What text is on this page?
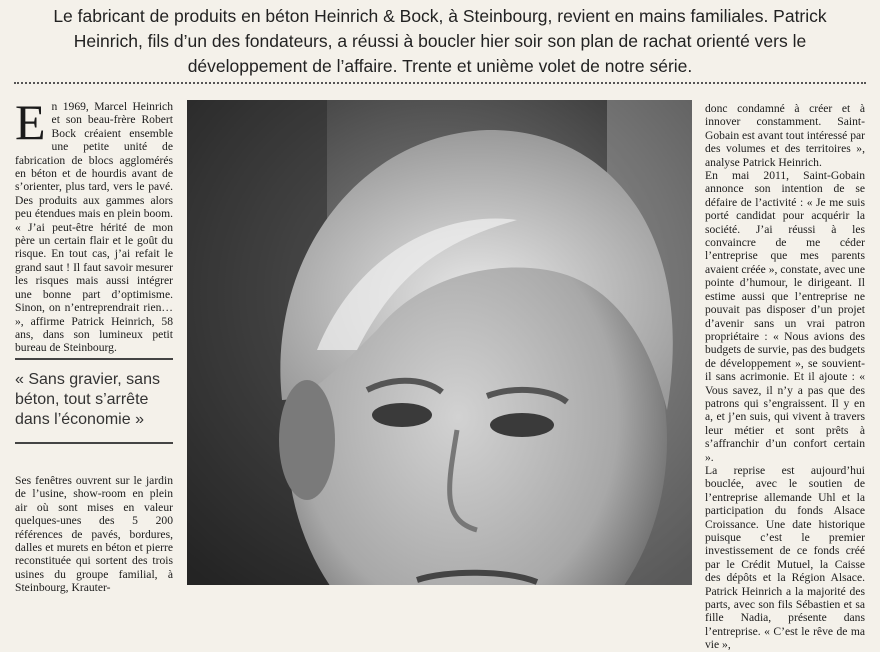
Le fabricant de produits en béton Heinrich & Bock, à Steinbourg, revient en mains familiales. Patrick Heinrich, fils d’un des fondateurs, a réussi à boucler hier soir son plan de rachat orienté vers le développement de l’affaire. Trente et unième volet de notre série.
E n 1969, Marcel Heinrich et son beau-frère Robert Bock créaient ensemble une petite unité de fabrication de blocs agglomérés en béton et de hourdis avant de s’orienter, plus tard, vers le pavé. Des produits aux gammes alors peu étendues mais en plein boom. « J’ai peut-être hérité de mon père un certain flair et le goût du risque. En tout cas, j’ai refait le grand saut ! Il faut savoir mesurer les risques mais aussi intégrer une bonne part d’optimisme. Sinon, on n’entreprendrait rien… », affirme Patrick Heinrich, 58 ans, dans son lumineux petit bureau de Steinbourg.

« Sans gravier, sans béton, tout s’arrête dans l’économie »

Ses fenêtres ouvrent sur le jardin de l’usine, show-room en plein air où sont mises en valeur quelques-unes des 5 200 références de pavés, bordures, dalles et murets en béton et pierre reconstituée qui sortent des trois usines du groupe familial, à Steinbourg, Krauter-

donc condamné à créer et à innover constamment. Saint-Gobain est avant tout intéressé par des volumes et des territoires », analyse Patrick Heinrich.

En mai 2011, Saint-Gobain annonce son intention de se défaire de l’activité : « Je me suis porté candidat pour acquérir la société. J’ai réussi à les convaincre de me céder l’entreprise que mes parents avaient créée », constate, avec une pointe d’humour, le dirigeant. Il estime aussi que l’entreprise ne pouvait pas disposer d’un projet d’avenir sans un vrai patron propriétaire : « Nous avions des budgets de survie, pas des budgets de développement », se souvient-il sans acrimonie. Et il ajoute : « Vous savez, il n’y a pas que des patrons qui s’engraissent. Il y en a, et j’en suis, qui vivent à travers leur métier et sont prêts à s’affranchir d’un confort certain ».

La reprise est aujourd’hui bouclée, avec le soutien de l’entreprise allemande Uhl et la participation du fonds Alsace Croissance. Une date historique puisque c’est le premier investissement de ce fonds créé par le Crédit Mutuel, la Caisse des dépôts et la Région Alsace. Patrick Heinrich a la majorité des parts, avec son fils Sébastien et sa fille Nadia, présente dans l’entreprise. « C’est le rêve de ma vie »,
